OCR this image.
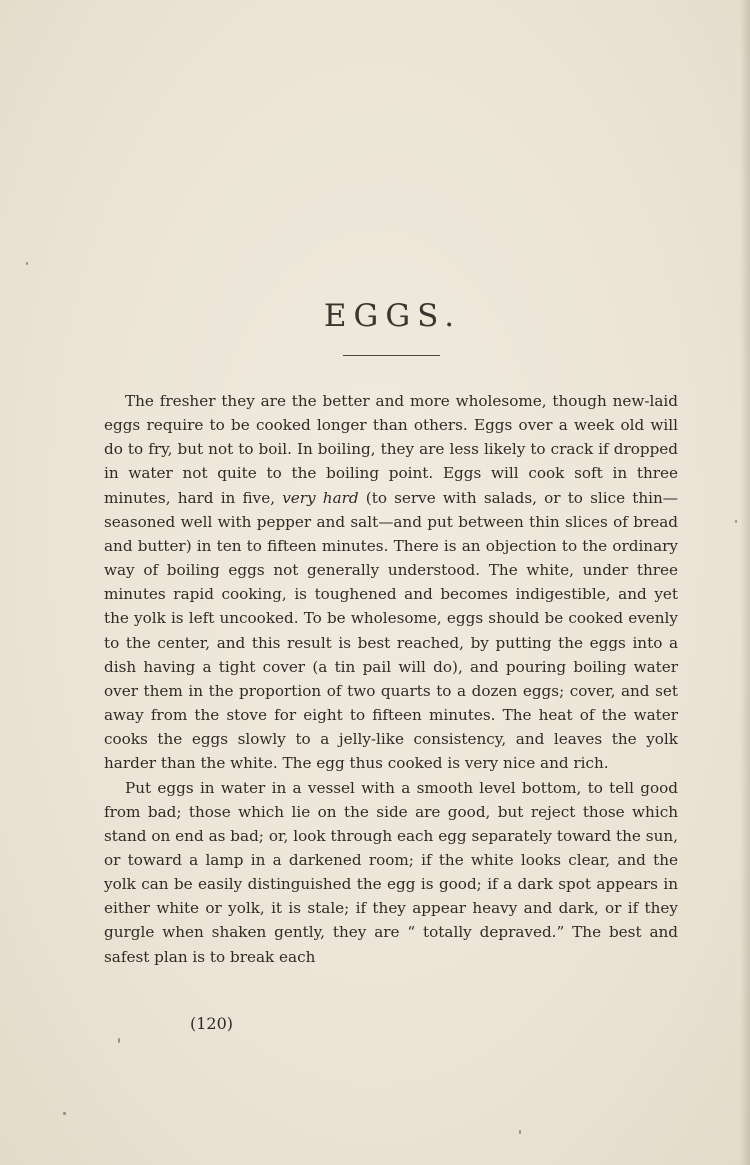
EGGS.

The fresher they are the better and more wholesome, though new-laid eggs require to be cooked longer than others. Eggs over a week old will do to fry, but not to boil. In boiling, they are less likely to crack if dropped in water not quite to the boiling point. Eggs will cook soft in three minutes, hard in five, very hard (to serve with salads, or to slice thin—seasoned well with pepper and salt—and put between thin slices of bread and butter) in ten to fifteen minutes. There is an objection to the ordinary way of boiling eggs not generally understood. The white, under three minutes rapid cooking, is toughened and becomes indigestible, and yet the yolk is left uncooked. To be wholesome, eggs should be cooked evenly to the center, and this result is best reached, by putting the eggs into a dish having a tight cover (a tin pail will do), and pouring boiling water over them in the proportion of two quarts to a dozen eggs; cover, and set away from the stove for eight to fifteen minutes. The heat of the water cooks the eggs slowly to a jelly-like consistency, and leaves the yolk harder than the white. The egg thus cooked is very nice and rich.

Put eggs in water in a vessel with a smooth level bottom, to tell good from bad; those which lie on the side are good, but reject those which stand on end as bad; or, look through each egg separately toward the sun, or toward a lamp in a darkened room; if the white looks clear, and the yolk can be easily distinguished the egg is good; if a dark spot appears in either white or yolk, it is stale; if they appear heavy and dark, or if they gurgle when shaken gently, they are “ totally depraved.” The best and safest plan is to break each

(120)
